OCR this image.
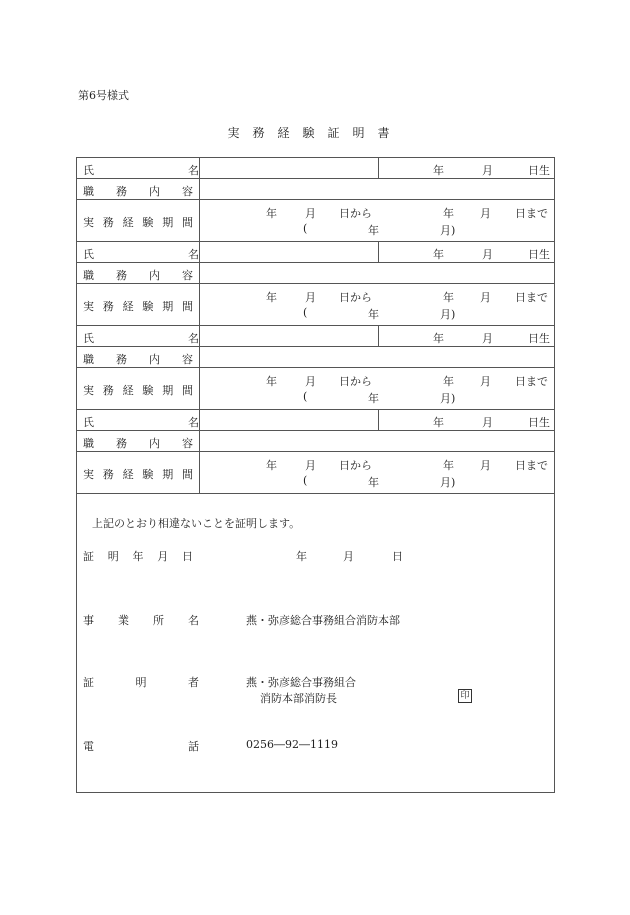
第6号様式
実務経験証明書
氏	名	年	月	日生
職 務 内 容
実 務 経 験 期 間
年	月 日から	年 月 日まで
(	年	月)
氏	名	年	月	日生
職 務 内 容
実 務 経 験 期 間
年	月 日から	年 月 日まで
(	年	月)
氏	名	年	月	日生
職 務 内 容
実 務 経 験 期 間
年	月 日から	年 月 日まで
(	年	月)
氏	名	年	月	日生
職 務 内 容
実 務 経 験 期 間
年	月 日から	年 月 日まで
(	年	月)
上記のとおり相違ないことを証明します。
証 明 年 月 日	年	月	日
事 業 所 名	燕・弥彦総合事務組合消防本部
証	明	者	燕・弥彦総合事務組合
消防本部消防長	印
電	話	0256―92―1119
